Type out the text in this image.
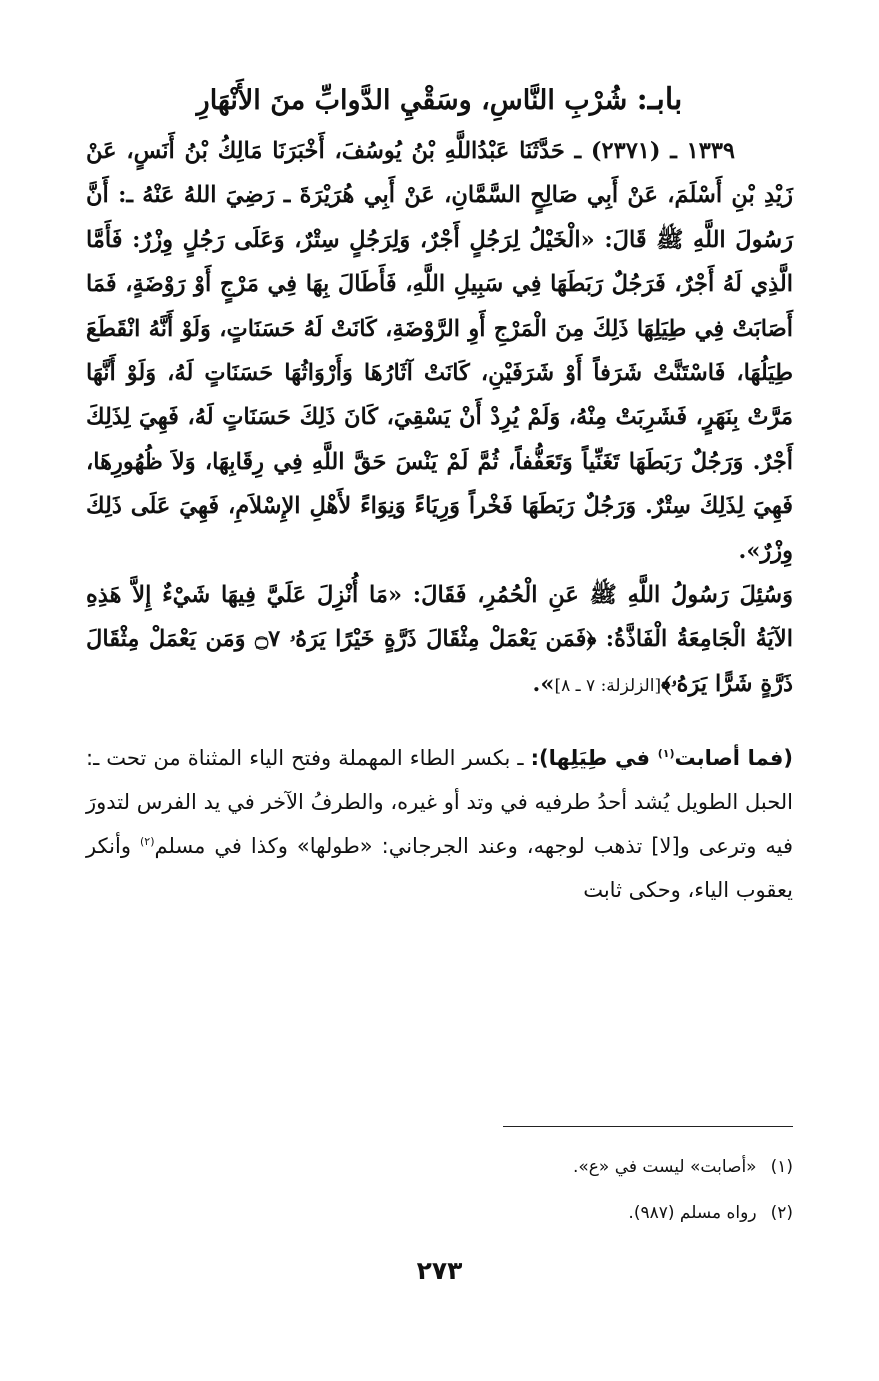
بابـ: شُرْبِ النَّاسِ، وسَقْيِ الدَّوابِّ منَ الأَنْهَارِ

١٣٣٩ ـ (٢٣٧١) ـ حَدَّثَنَا عَبْدُاللَّهِ بْنُ يُوسُفَ، أَخْبَرَنَا مَالِكُ بْنُ أَنَسٍ، عَنْ زَيْدِ بْنِ أَسْلَمَ، عَنْ أَبِي صَالِحٍ السَّمَّانِ، عَنْ أَبِي هُرَيْرَةَ ـ رَضِيَ اللهُ عَنْهُ ـ: أَنَّ رَسُولَ اللَّهِ ﷺ قَالَ: «الْخَيْلُ لِرَجُلٍ أَجْرٌ، وَلِرَجُلٍ سِتْرٌ، وَعَلَى رَجُلٍ وِزْرٌ: فَأَمَّا الَّذِي لَهُ أَجْرٌ، فَرَجُلٌ رَبَطَهَا فِي سَبِيلِ اللَّهِ، فَأَطَالَ بِهَا فِي مَرْجٍ أَوْ رَوْضَةٍ، فَمَا أَصَابَتْ فِي طِيَلِهَا ذَلِكَ مِنَ الْمَرْجِ أَوِ الرَّوْضَةِ، كَانَتْ لَهُ حَسَنَاتٍ، وَلَوْ أَنَّهُ انْقَطَعَ طِيَلُهَا، فَاسْتَنَّتْ شَرَفاً أَوْ شَرَفَيْنِ، كَانَتْ آثَارُهَا وَأَرْوَاثُهَا حَسَنَاتٍ لَهُ، وَلَوْ أَنَّهَا مَرَّتْ بِنَهَرٍ، فَشَرِبَتْ مِنْهُ، وَلَمْ يُرِدْ أَنْ يَسْقِيَ، كَانَ ذَلِكَ حَسَنَاتٍ لَهُ، فَهِيَ لِذَلِكَ أَجْرٌ. وَرَجُلٌ رَبَطَهَا تَغَنِّياً وَتَعَفُّفاً، ثُمَّ لَمْ يَنْسَ حَقَّ اللَّهِ فِي رِقَابِهَا، وَلاَ ظُهُورِهَا، فَهِيَ لِذَلِكَ سِتْرٌ. وَرَجُلٌ رَبَطَهَا فَخْراً وَرِيَاءً وَنِوَاءً لأَهْلِ الإِسْلاَمِ، فَهِيَ عَلَى ذَلِكَ وِزْرٌ».

وَسُئِلَ رَسُولُ اللَّهِ ﷺ عَنِ الْحُمُرِ، فَقَالَ: «مَا أُنْزِلَ عَلَيَّ فِيهَا شَيْءٌ إِلاَّ هَذِهِ الآيَةُ الْجَامِعَةُ الْفَاذَّةُ: ﴿فَمَن يَعْمَلْ مِثْقَالَ ذَرَّةٍ خَيْرًا يَرَهُۥ ۝٧ وَمَن يَعْمَلْ مِثْقَالَ ذَرَّةٍ شَرًّا يَرَهُۥ﴾[الزلزلة: ٧ ـ ٨]».

(فما أصابت$^{(١)}$ في طِيَلِها): ـ بكسر الطاء المهملة وفتح الياء المثناة من تحت ـ: الحبل الطويل يُشد أحدُ طرفيه في وتد أو غيره، والطرفُ الآخر في يد الفرس لتدورَ فيه وترعى و[لا] تذهب لوجهه، وعند الجرجاني: «طولها» وكذا في مسلم$^{(٢)}$ وأنكر يعقوب الياء، وحكى ثابت

(١)«أصابت» ليست في «ع».

(٢)رواه مسلم (٩٨٧).

٢٧٣
